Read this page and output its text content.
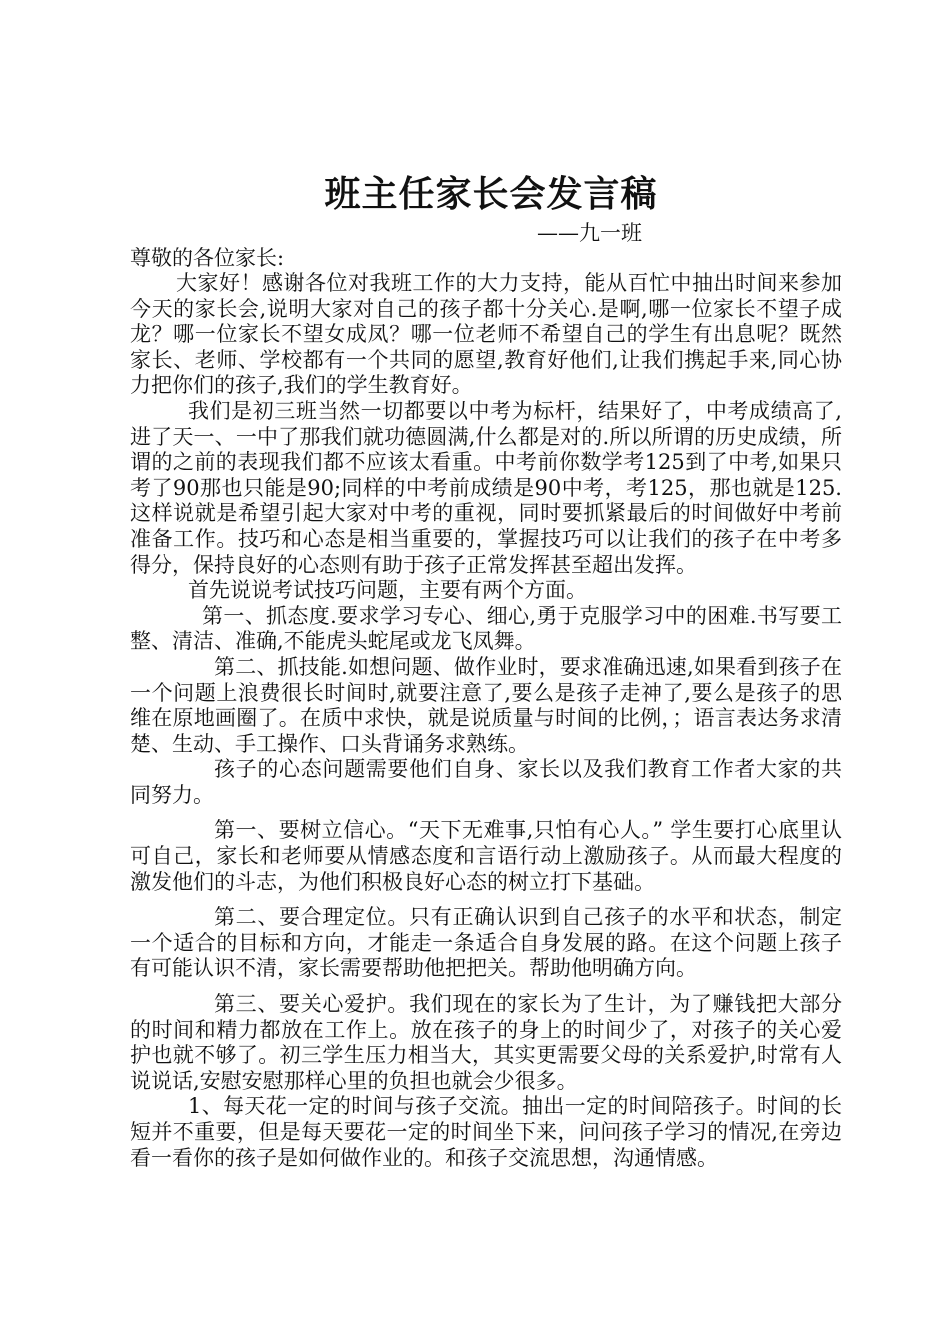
班主任家长会发言稿

——九一班

尊敬的各位家长:

大家好！感谢各位对我班工作的大力支持，能从百忙中抽出时间来参加今天的家长会,说明大家对自己的孩子都十分关心.是啊,哪一位家长不望子成龙？哪一位家长不望女成凤？哪一位老师不希望自己的学生有出息呢？既然家长、老师、学校都有一个共同的愿望,教育好他们,让我们携起手来,同心协力把你们的孩子,我们的学生教育好。

我们是初三班当然一切都要以中考为标杆，结果好了，中考成绩高了,进了天一、一中了那我们就功德圆满,什么都是对的.所以所谓的历史成绩，所谓的之前的表现我们都不应该太看重。中考前你数学考125到了中考,如果只考了90那也只能是90;同样的中考前成绩是90中考，考125，那也就是125.这样说就是希望引起大家对中考的重视，同时要抓紧最后的时间做好中考前准备工作。技巧和心态是相当重要的，掌握技巧可以让我们的孩子在中考多得分，保持良好的心态则有助于孩子正常发挥甚至超出发挥。

首先说说考试技巧问题，主要有两个方面。

第一、抓态度.要求学习专心、细心,勇于克服学习中的困难.书写要工整、清洁、准确,不能虎头蛇尾或龙飞凤舞。

第二、抓技能.如想问题、做作业时，要求准确迅速,如果看到孩子在一个问题上浪费很长时间时,就要注意了,要么是孩子走神了,要么是孩子的思维在原地画圈了。在质中求快，就是说质量与时间的比例，；语言表达务求清楚、生动、手工操作、口头背诵务求熟练。

孩子的心态问题需要他们自身、家长以及我们教育工作者大家的共同努力。

第一、要树立信心。“天下无难事,只怕有心人。” 学生要打心底里认可自己，家长和老师要从情感态度和言语行动上激励孩子。从而最大程度的激发他们的斗志，为他们积极良好心态的树立打下基础。

第二、要合理定位。只有正确认识到自己孩子的水平和状态，制定一个适合的目标和方向，才能走一条适合自身发展的路。在这个问题上孩子有可能认识不清，家长需要帮助他把把关。帮助他明确方向。

第三、要关心爱护。我们现在的家长为了生计，为了赚钱把大部分的时间和精力都放在工作上。放在孩子的身上的时间少了，对孩子的关心爱护也就不够了。初三学生压力相当大，其实更需要父母的关系爱护,时常有人说说话,安慰安慰那样心里的负担也就会少很多。

1、每天花一定的时间与孩子交流。抽出一定的时间陪孩子。时间的长短并不重要，但是每天要花一定的时间坐下来，问问孩子学习的情况,在旁边看一看你的孩子是如何做作业的。和孩子交流思想，沟通情感。
